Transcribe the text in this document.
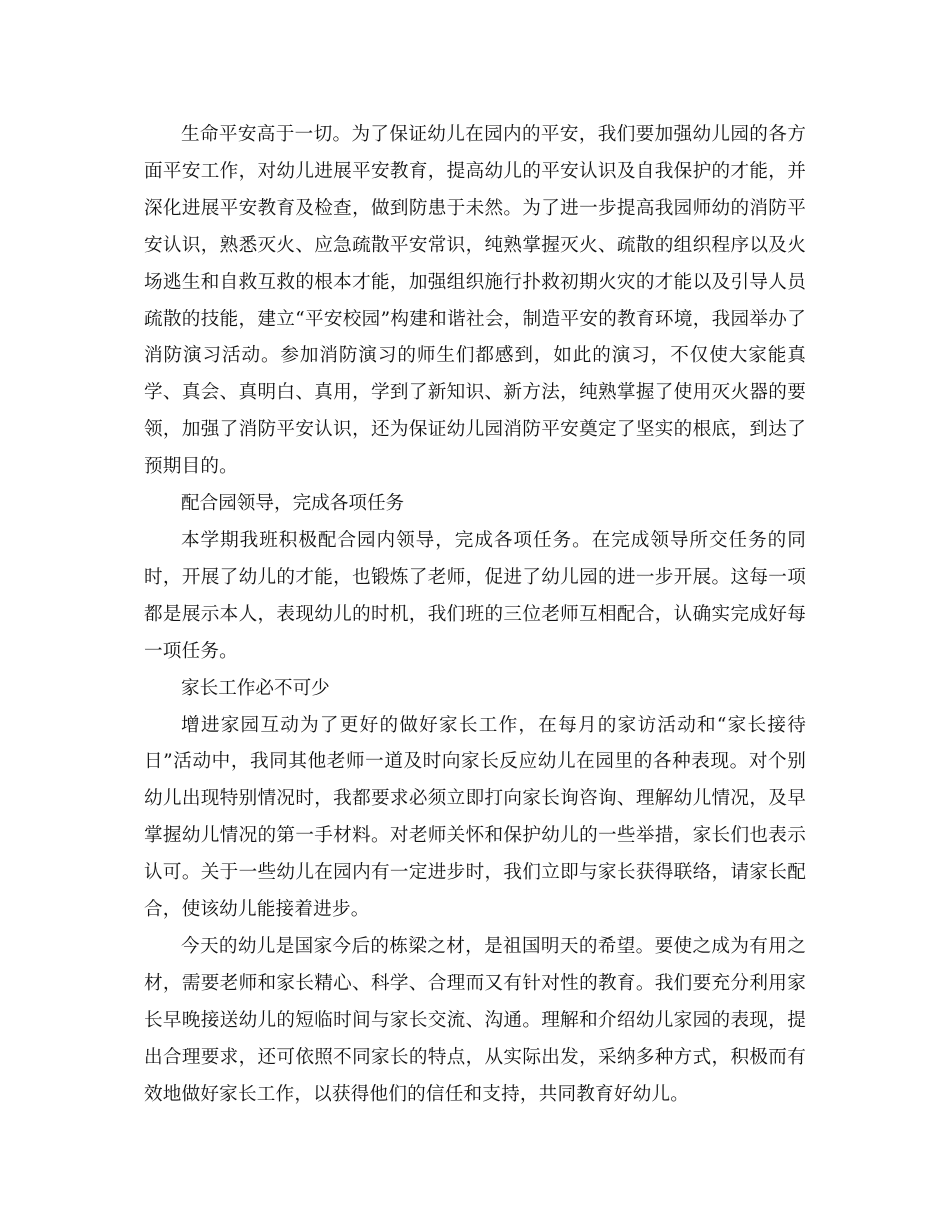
生命平安高于一切。为了保证幼儿在园内的平安，我们要加强幼儿园的各方面平安工作，对幼儿进展平安教育，提高幼儿的平安认识及自我保护的才能，并深化进展平安教育及检查，做到防患于未然。为了进一步提高我园师幼的消防平安认识，熟悉灭火、应急疏散平安常识，纯熟掌握灭火、疏散的组织程序以及火场逃生和自救互救的根本才能，加强组织施行扑救初期火灾的才能以及引导人员疏散的技能，建立“平安校园”构建和谐社会，制造平安的教育环境，我园举办了消防演习活动。参加消防演习的师生们都感到，如此的演习，不仅使大家能真学、真会、真明白、真用，学到了新知识、新方法，纯熟掌握了使用灭火器的要领，加强了消防平安认识，还为保证幼儿园消防平安奠定了坚实的根底，到达了预期目的。

配合园领导，完成各项任务

本学期我班积极配合园内领导，完成各项任务。在完成领导所交任务的同时，开展了幼儿的才能，也锻炼了老师，促进了幼儿园的进一步开展。这每一项都是展示本人，表现幼儿的时机，我们班的三位老师互相配合，认确实完成好每一项任务。

家长工作必不可少

增进家园互动为了更好的做好家长工作，在每月的家访活动和“家长接待日”活动中，我同其他老师一道及时向家长反应幼儿在园里的各种表现。对个别幼儿出现特别情况时，我都要求必须立即打向家长询咨询、理解幼儿情况，及早掌握幼儿情况的第一手材料。对老师关怀和保护幼儿的一些举措，家长们也表示认可。关于一些幼儿在园内有一定进步时，我们立即与家长获得联络，请家长配合，使该幼儿能接着进步。

今天的幼儿是国家今后的栋梁之材，是祖国明天的希望。要使之成为有用之材，需要老师和家长精心、科学、合理而又有针对性的教育。我们要充分利用家长早晚接送幼儿的短临时间与家长交流、沟通。理解和介绍幼儿家园的表现，提出合理要求，还可依照不同家长的特点，从实际出发，采纳多种方式，积极而有效地做好家长工作，以获得他们的信任和支持，共同教育好幼儿。
